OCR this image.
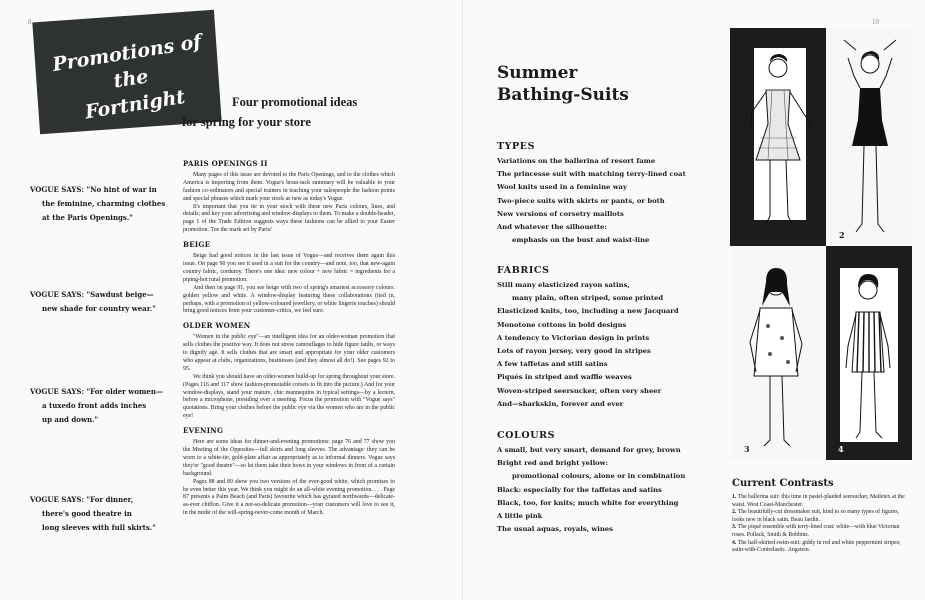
8	10
Promotions of the
Fortnight	Four promotional ideas
for spring for your store
VOGUE SAYS: "No hint of war in
the feminine, charming clothes
at the Paris Openings."
VOGUE SAYS: "Sawdust beige—
new shade for country wear."
VOGUE SAYS: "For older women—
a tuxedo front adds inches
up and down."
VOGUE SAYS: "For dinner,
there's good theatre in
long sleeves with full skirts."
PARIS OPENINGS II

Many pages of this issue are devoted to the Paris Openings, and to the clothes which America is importing from them. Vogue's brass-tack summary will be valuable to your fashion co-ordinators and special trainers in teaching your salespeople the fashion points and special phrases which mark your stock as new as today's Vogue.

It's important that you tie in your stock with these new Paris colours, lines, and details; and key your advertising and window-displays to them. To make a double-header, page 1 of the Trade Edition suggests ways these fashions can be allied to your Easter promotion. Toe the mark set by Paris!

BEIGE

Beige had good notices in the last issue of Vogue—and receives them again this issue. On page 90 you see it used in a suit for the country—and note, too, that new-again country fabric, corduroy. There's one idea: new colour + new fabric = ingredients for a piping-hot rural promotion.

And then on page 91, you see beige with two of spring's smartest accessory colours: golden yellow and white. A window-display featuring these collaborations (tied in, perhaps, with a promotion of yellow-coloured jewellery, or white lingerie touches) should bring good notices from your customer-critics, we feel sure.

OLDER WOMEN

"Women in the public eye"—an intelligent idea for an older-woman promotion that sells clothes the positive way. It does not stress camouflages to hide figure faults, or ways to dignify age. It sells clothes that are smart and appropriate for your older customers who appear at clubs, organizations, businesses (and they almost all do!). See pages 92 to 95.

We think you should have an older-women build-up for spring throughout your store. (Pages 116 and 117 show fashion-promotable corsets to fit into the picture.) And for your window-displays, stand your mature, chic mannequins in typical settings—by a lectern, before a microphone, presiding over a meeting. Focus the promotion with "Vogue says" quotations. Bring your clothes before the public eye via the women who are in the public eye!

EVENING

Here are some ideas for dinner-and-evening promotions: page 76 and 77 show you the Meeting of the Opposites—full skirts and long sleeves. The advantage: they can be worn to a white-tie, gold-plate affair as appropriately as to informal dinners. Vogue says they're "good theatre"—so let them take their bows in your windows in front of a curtain background.

Pages 88 and 89 show you two versions of the ever-good white, which promises to be even better this year. We think you might do an all-white evening promotion. . . . Page 87 presents a Palm Beach (and Paris) favourite which has gyrated northwards—delicate-as-ever chiffon. Give it a not-so-delicate promotion—your customers will love to see it, in the midst of the will-spring-never-come month of March.

Summer
Bathing-Suits
TYPES
Variations on the ballerina of resort fame
The princesse suit with matching terry-lined coat
Wool knits used in a feminine way
Two-piece suits with skirts or pants, or both
New versions of corsetry maillots
And whatever the silhouette:
emphasis on the bust and waist-line
FABRICS
Still many elasticized rayon satins,
many plain, often striped, some printed
Elasticized knits, too, including a new Jacquard
Monotone cottons in bold designs
A tendency to Victorian design in prints
Lots of rayon jersey, very good in stripes
A few taffetas and still satins
Piqués in striped and waffle weaves
Woven-striped seersucker, often very sheer
And—sharkskin, forever and ever
COLOURS
A small, but very smart, demand for grey, brown
Bright red and bright yellow:
promotional colours, alone or in combination
Black: especially for the taffetas and satins
Black, too, for knits; much white for everything
A little pink
The usual aquas, royals, wines
1	2
3	4
Current Contrasts

1. The ballerina suit: this time in pastel-plaided seersucker, Matletex at the waist. West Coast-Manchester.

2. The beautifully-cut dressmaker suit, kind to so many types of figures, looks new in black satin. Beau Jardin.

3. The piqué ensemble with terry-lined coat: white—with blue Victorian roses. Pollack, Smith & Robbins.

4. The half-skirted swim-suit: giddy in red and white peppermint stripes; satin-with-Contrelastic. Angstein.
